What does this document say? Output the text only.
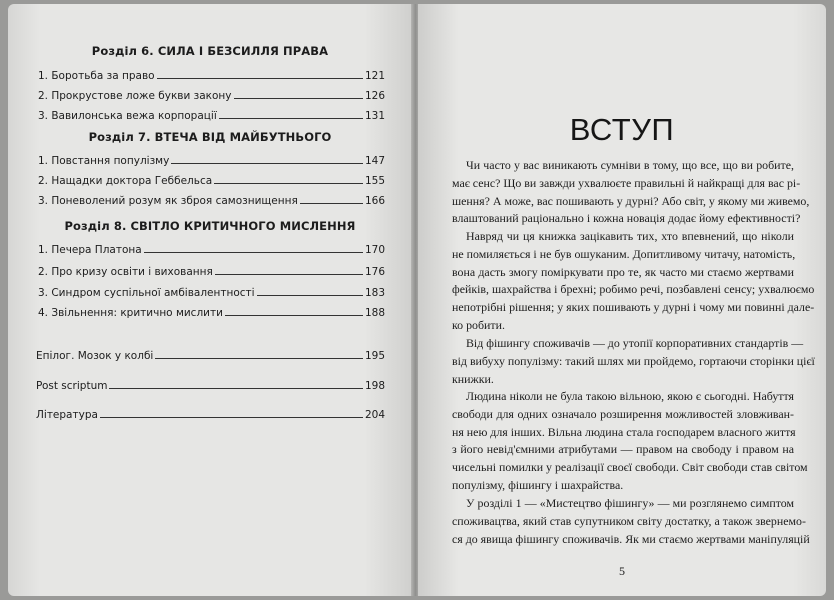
Розділ 6. СИЛА І БЕЗСИЛЛЯ ПРАВА
1. Боротьба за право	121
2. Прокрустове ложе букви закону	126
3. Вавилонська вежа корпорації	131
Розділ 7. ВТЕЧА ВІД МАЙБУТНЬОГО
1. Повстання популізму	147
2. Нащадки доктора Геббельса	155
3. Поневолений розум як зброя самознищення	166
Розділ 8. СВІТЛО КРИТИЧНОГО МИСЛЕННЯ
1. Печера Платона	170
2. Про кризу освіти і виховання	176
3. Синдром суспільної амбівалентності	183
4. Звільнення: критично мислити	188
Епілог. Мозок у колбі	195
Post scriptum	198
Література	204
ВСТУП
Чи часто у вас виникають сумніви в тому, що все, що ви робите,
має сенс? Що ви завжди ухвалюєте правильні й найкращі для вас рі-
шення? А може, вас пошивають у дурні? Або світ, у якому ми живемо,
влаштований раціонально і кожна новація додає йому ефективності?
Навряд чи ця книжка зацікавить тих, хто впевнений, що ніколи
не помиляється і не був ошуканим. Допитливому читачу, натомість,
вона дасть змогу поміркувати про те, як часто ми стаємо жертвами
фейків, шахрайства і брехні; робимо речі, позбавлені сенсу; ухвалюємо
непотрібні рішення; у яких пошивають у дурні і чому ми повинні дале-
ко робити.
Від фішингу споживачів — до утопії корпоративних стандартів —
від вибуху популізму: такий шлях ми пройдемо, гортаючи сторінки цієї
книжки.
Людина ніколи не була такою вільною, якою є сьогодні. Набуття
свободи для одних означало розширення можливостей зловживан-
ня нею для інших. Вільна людина стала господарем власного життя
з його невід'ємними атрибутами — правом на свободу і правом на
чисельні помилки у реалізації своєї свободи. Світ свободи став світом
популізму, фішингу і шахрайства.
У розділі 1 — «Мистецтво фішингу» — ми розглянемо симптом
споживацтва, який став супутником світу достатку, а також звернемо-
ся до явища фішингу споживачів. Як ми стаємо жертвами маніпуляцій
5
